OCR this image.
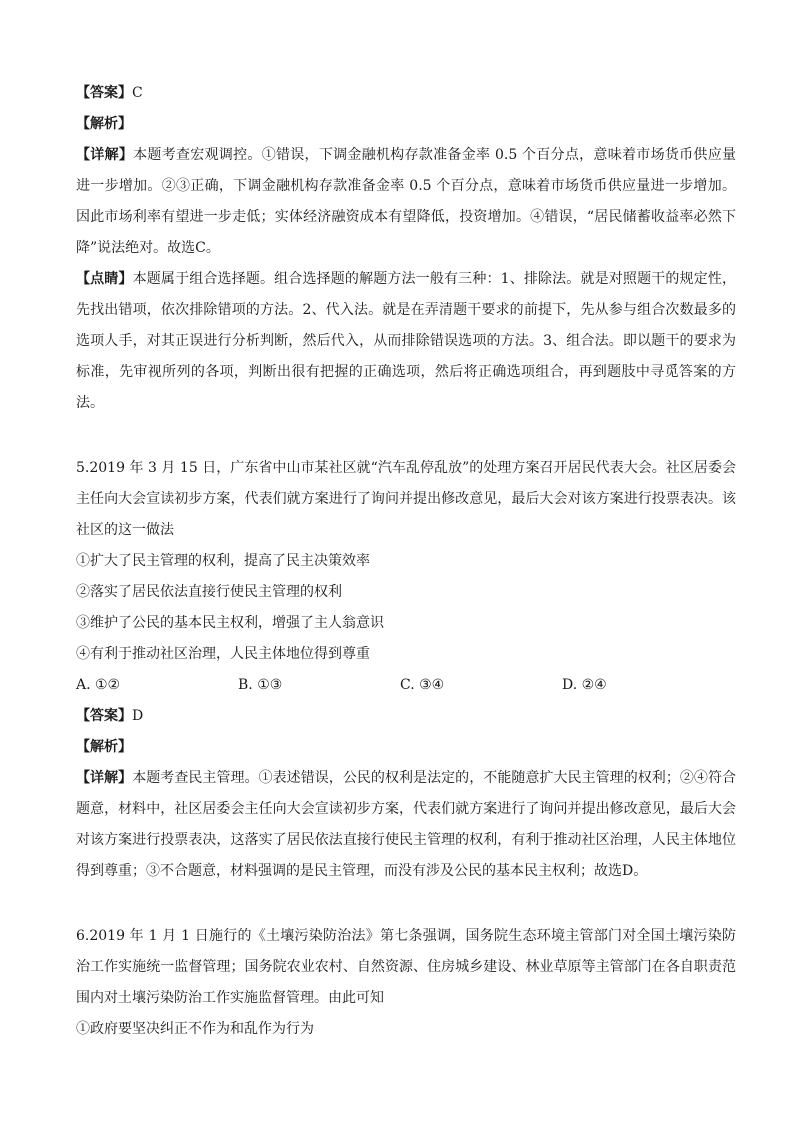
【答案】C
【解析】

【详解】本题考查宏观调控。①错误，下调金融机构存款准备金率 0.5 个百分点，意味着市场货币供应量进一步增加。②③正确，下调金融机构存款准备金率 0.5 个百分点，意味着市场货币供应量进一步增加。因此市场利率有望进一步走低；实体经济融资成本有望降低，投资增加。④错误，“居民储蓄收益率必然下降”说法绝对。故选C。

【点睛】本题属于组合选择题。组合选择题的解题方法一般有三种：1、排除法。就是对照题干的规定性，先找出错项，依次排除错项的方法。2、代入法。就是在弄清题干要求的前提下，先从参与组合次数最多的选项人手，对其正误进行分析判断，然后代入，从而排除错误选项的方法。3、组合法。即以题干的要求为标准，先审视所列的各项，判断出很有把握的正确选项，然后将正确选项组合，再到题肢中寻觅答案的方法。

5.2019 年 3 月 15 日，广东省中山市某社区就“汽车乱停乱放”的处理方案召开居民代表大会。社区居委会主任向大会宣读初步方案，代表们就方案进行了询问并提出修改意见，最后大会对该方案进行投票表决。该社区的这一做法

①扩大了民主管理的权利，提高了民主决策效率
②落实了居民依法直接行使民主管理的权利
③维护了公民的基本民主权利，增强了主人翁意识
④有利于推动社区治理，人民主体地位得到尊重
A. ①②	B. ①③	C. ③④	D. ②④
【答案】D
【解析】

【详解】本题考查民主管理。①表述错误，公民的权利是法定的，不能随意扩大民主管理的权利；②④符合题意，材料中，社区居委会主任向大会宣读初步方案，代表们就方案进行了询问并提出修改意见，最后大会对该方案进行投票表决，这落实了居民依法直接行使民主管理的权利，有利于推动社区治理，人民主体地位得到尊重；③不合题意，材料强调的是民主管理，而没有涉及公民的基本民主权利；故选D。

6.2019 年 1 月 1 日施行的《土壤污染防治法》第七条强调，国务院生态环境主管部门对全国土壤污染防治工作实施统一监督管理；国务院农业农村、自然资源、住房城乡建设、林业草原等主管部门在各自职责范围内对土壤污染防治工作实施监督管理。由此可知

①政府要坚决纠正不作为和乱作为行为
